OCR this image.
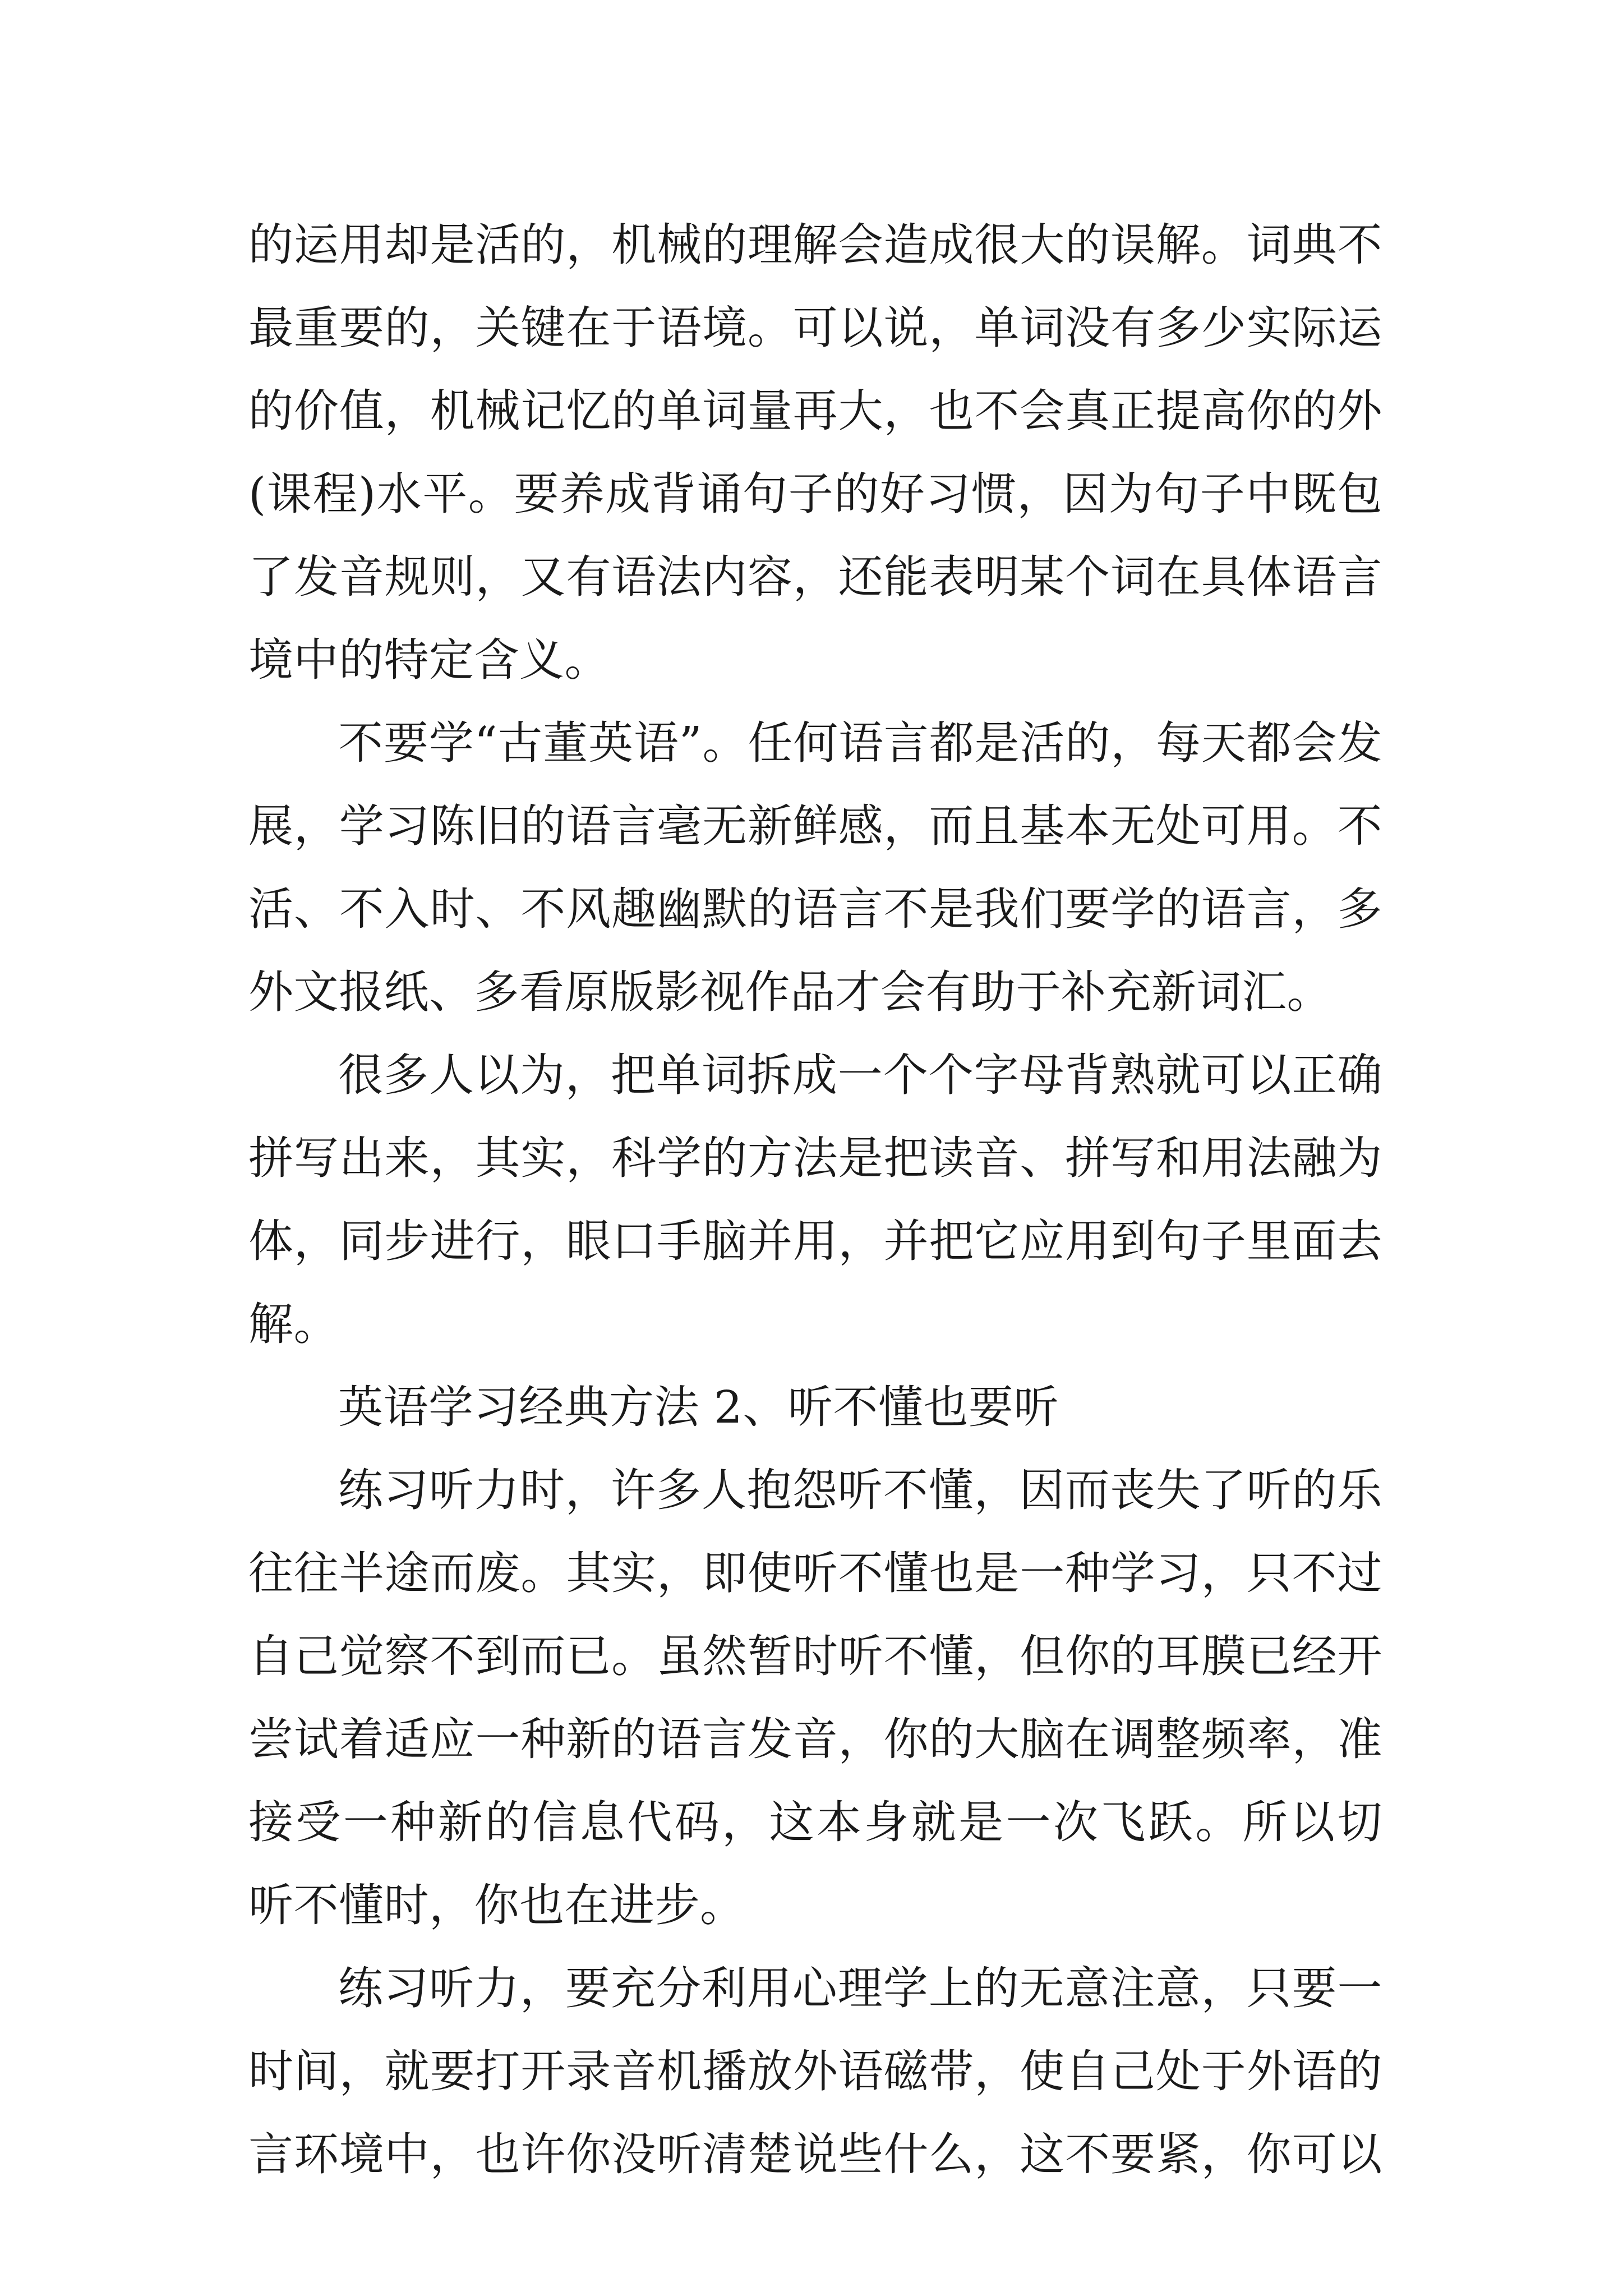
的运用却是活的，机械的理解会造成很大的误解。词典不
最重要的，关键在于语境。可以说，单词没有多少实际运
的价值，机械记忆的单词量再大，也不会真正提高你的外
(课程)水平。要养成背诵句子的好习惯，因为句子中既包
了发音规则，又有语法内容，还能表明某个词在具体语言
境中的特定含义。
不要学“古董英语”。任何语言都是活的，每天都会发
展，学习陈旧的语言毫无新鲜感，而且基本无处可用。不
活、不入时、不风趣幽默的语言不是我们要学的语言，多
外文报纸、多看原版影视作品才会有助于补充新词汇。
很多人以为，把单词拆成一个个字母背熟就可以正确
拼写出来，其实，科学的方法是把读音、拼写和用法融为
体，同步进行，眼口手脑并用，并把它应用到句子里面去
解。
英语学习经典方法 2、听不懂也要听
练习听力时，许多人抱怨听不懂，因而丧失了听的乐
往往半途而废。其实，即使听不懂也是一种学习，只不过
自己觉察不到而已。虽然暂时听不懂，但你的耳膜已经开
尝试着适应一种新的语言发音，你的大脑在调整频率，准
接受一种新的信息代码，这本身就是一次飞跃。所以切
听不懂时，你也在进步。
练习听力，要充分利用心理学上的无意注意，只要一
时间，就要打开录音机播放外语磁带，使自己处于外语的
言环境中，也许你没听清楚说些什么，这不要紧，你可以
